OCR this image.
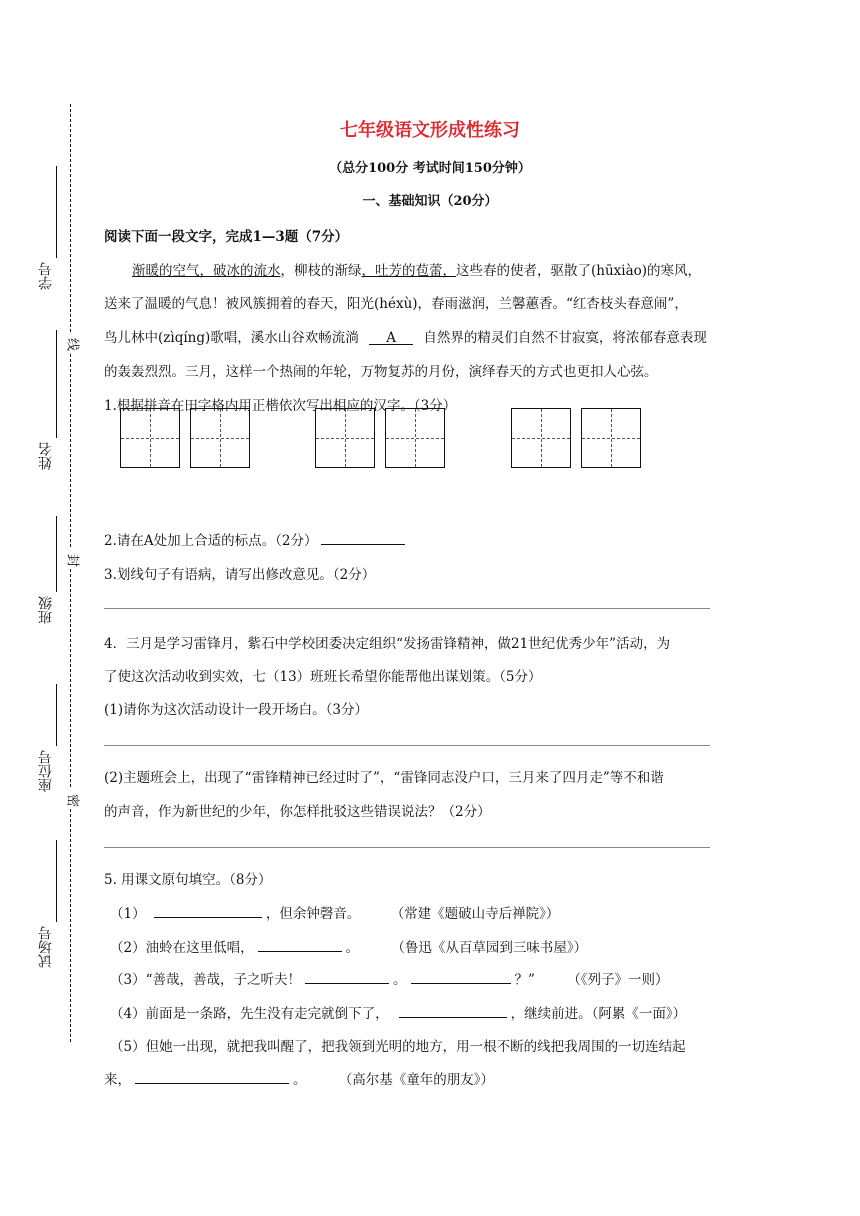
学号
姓名
班级
座位号
试场号
线
封
密
七年级语文形成性练习
（总分100分 考试时间150分钟）
一、基础知识（20分）
阅读下面一段文字，完成1—3题（7分）
渐暖的空气，破冰的流水，柳枝的渐绿，吐芳的苞蕾，这些春的使者，驱散了(hūxiào)的寒风，
送来了温暖的气息！被风簇拥着的春天，阳光(héxù)，春雨滋润，兰馨蕙香。“红杏枝头春意闹”，
鸟儿林中(zìqíng)歌唱，溪水山谷欢畅流淌 A 自然界的精灵们自然不甘寂寞，将浓郁春意表现
的轰轰烈烈。三月，这样一个热闹的年轮，万物复苏的月份，演绎春天的方式也更扣人心弦。
1.根据拼音在田字格内用正楷依次写出相应的汉字。（3分）
2.请在A处加上合适的标点。（2分）
3.划线句子有语病，请写出修改意见。（2分）
4．三月是学习雷锋月，紫石中学校团委决定组织“发扬雷锋精神，做21世纪优秀少年”活动，为
了使这次活动收到实效，七（13）班班长希望你能帮他出谋划策。（5分）
(1)请你为这次活动设计一段开场白。（3分）
(2)主题班会上，出现了“雷锋精神已经过时了”，“雷锋同志没户口，三月来了四月走”等不和谐
的声音，作为新世纪的少年，你怎样批驳这些错误说法？（2分）
5. 用课文原句填空。（8分）
（1）	，但余钟磬音。 （常建《题破山寺后禅院》）
（2）油蛉在这里低唱，	。 （鲁迅《从百草园到三味书屋》）
（3）“善哉，善哉，子之听夫！	。	？” （《列子》一则）
（4）前面是一条路，先生没有走完就倒下了，	，继续前进。（阿累《一面》）
（5）但她一出现，就把我叫醒了，把我领到光明的地方，用一根不断的线把我周围的一切连结起
来，	。 （高尔基《童年的朋友》）
